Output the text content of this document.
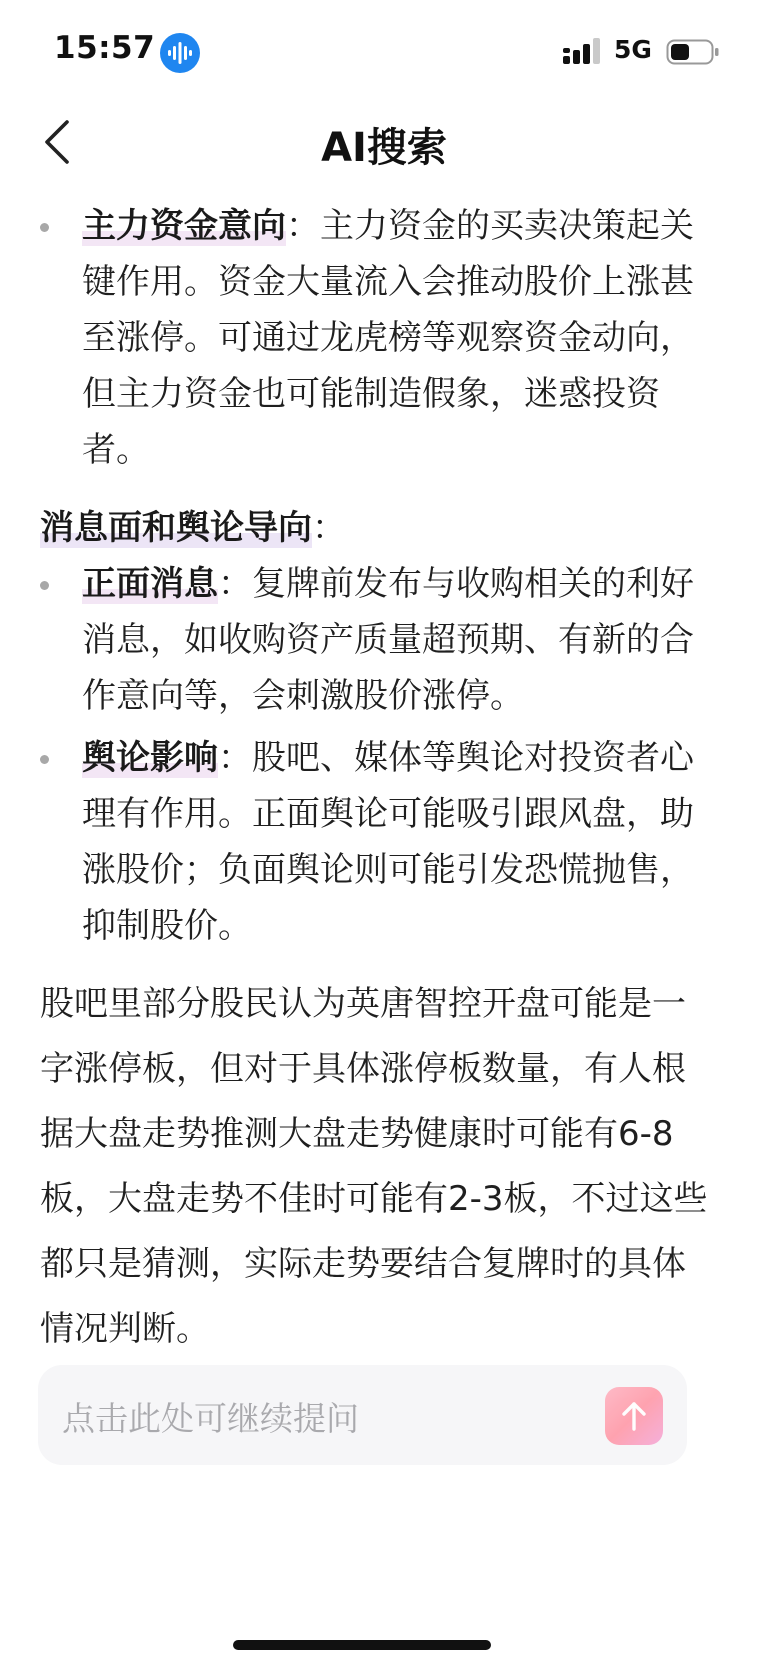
15:57	5G
AI搜索
主力资金意向：主力资金的买卖决策起关键作用。资金大量流入会推动股价上涨甚至涨停。可通过龙虎榜等观察资金动向，但主力资金也可能制造假象，迷惑投资者。
消息面和舆论导向：
正面消息：复牌前发布与收购相关的利好消息，如收购资产质量超预期、有新的合作意向等，会刺激股价涨停。
舆论影响：股吧、媒体等舆论对投资者心理有作用。正面舆论可能吸引跟风盘，助涨股价；负面舆论则可能引发恐慌抛售，抑制股价。
股吧里部分股民认为英唐智控开盘可能是一字涨停板，但对于具体涨停板数量，有人根据大盘走势推测大盘走势健康时可能有6-8板，大盘走势不佳时可能有2-3板，不过这些都只是猜测，实际走势要结合复牌时的具体情况判断。
点击此处可继续提问
